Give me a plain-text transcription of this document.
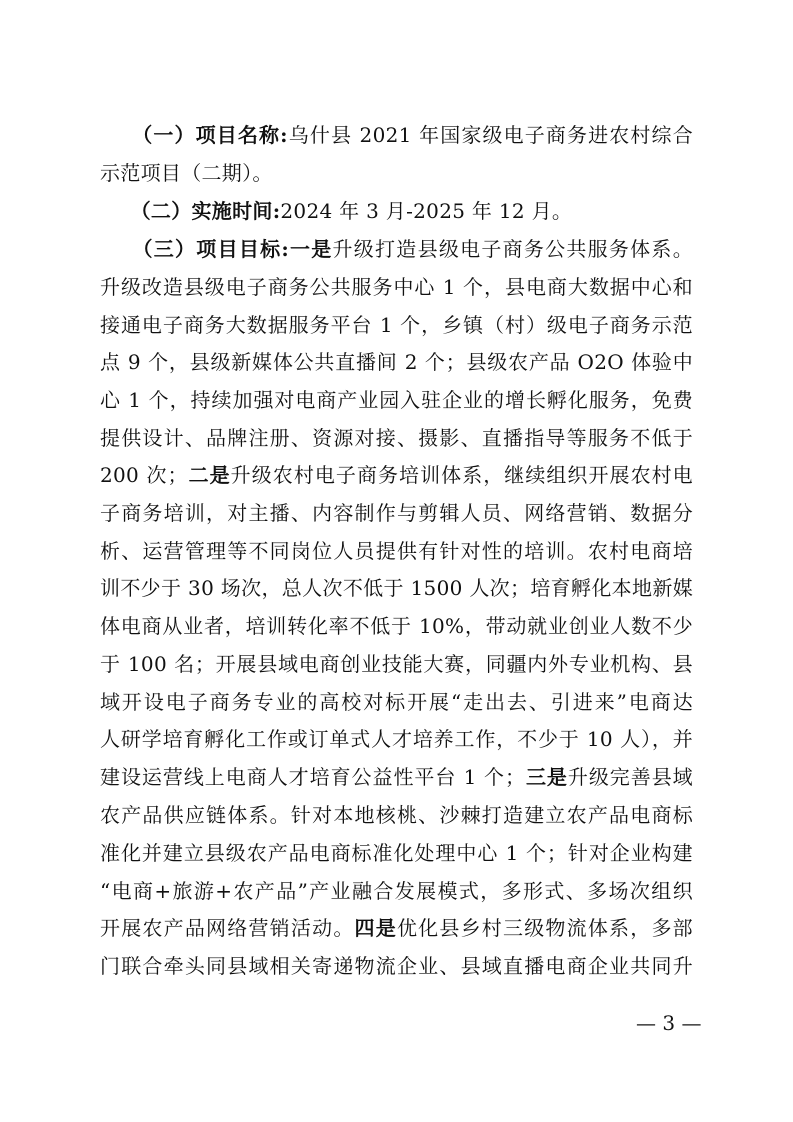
　　（一）项目名称:乌什县 2021 年国家级电子商务进农村综合
示范项目（二期）。
　　（二）实施时间:2024 年 3 月-2025 年 12 月。
　　（三）项目目标:一是升级打造县级电子商务公共服务体系。
升级改造县级电子商务公共服务中心 1 个，县电商大数据中心和
接通电子商务大数据服务平台 1 个，乡镇（村）级电子商务示范
点 9 个，县级新媒体公共直播间 2 个；县级农产品 O2O 体验中
心 1 个，持续加强对电商产业园入驻企业的增长孵化服务，免费
提供设计、品牌注册、资源对接、摄影、直播指导等服务不低于
200 次；二是升级农村电子商务培训体系，继续组织开展农村电
子商务培训，对主播、内容制作与剪辑人员、网络营销、数据分
析、运营管理等不同岗位人员提供有针对性的培训。农村电商培
训不少于 30 场次，总人次不低于 1500 人次；培育孵化本地新媒
体电商从业者，培训转化率不低于 10%，带动就业创业人数不少
于 100 名；开展县域电商创业技能大赛，同疆内外专业机构、县
域开设电子商务专业的高校对标开展“走出去、引进来”电商达
人研学培育孵化工作或订单式人才培养工作，不少于 10 人），并
建设运营线上电商人才培育公益性平台 1 个；三是升级完善县域
农产品供应链体系。针对本地核桃、沙棘打造建立农产品电商标
准化并建立县级农产品电商标准化处理中心 1 个；针对企业构建
“电商+旅游+农产品”产业融合发展模式，多形式、多场次组织
开展农产品网络营销活动。四是优化县乡村三级物流体系，多部
门联合牵头同县域相关寄递物流企业、县域直播电商企业共同升
— 3 —
